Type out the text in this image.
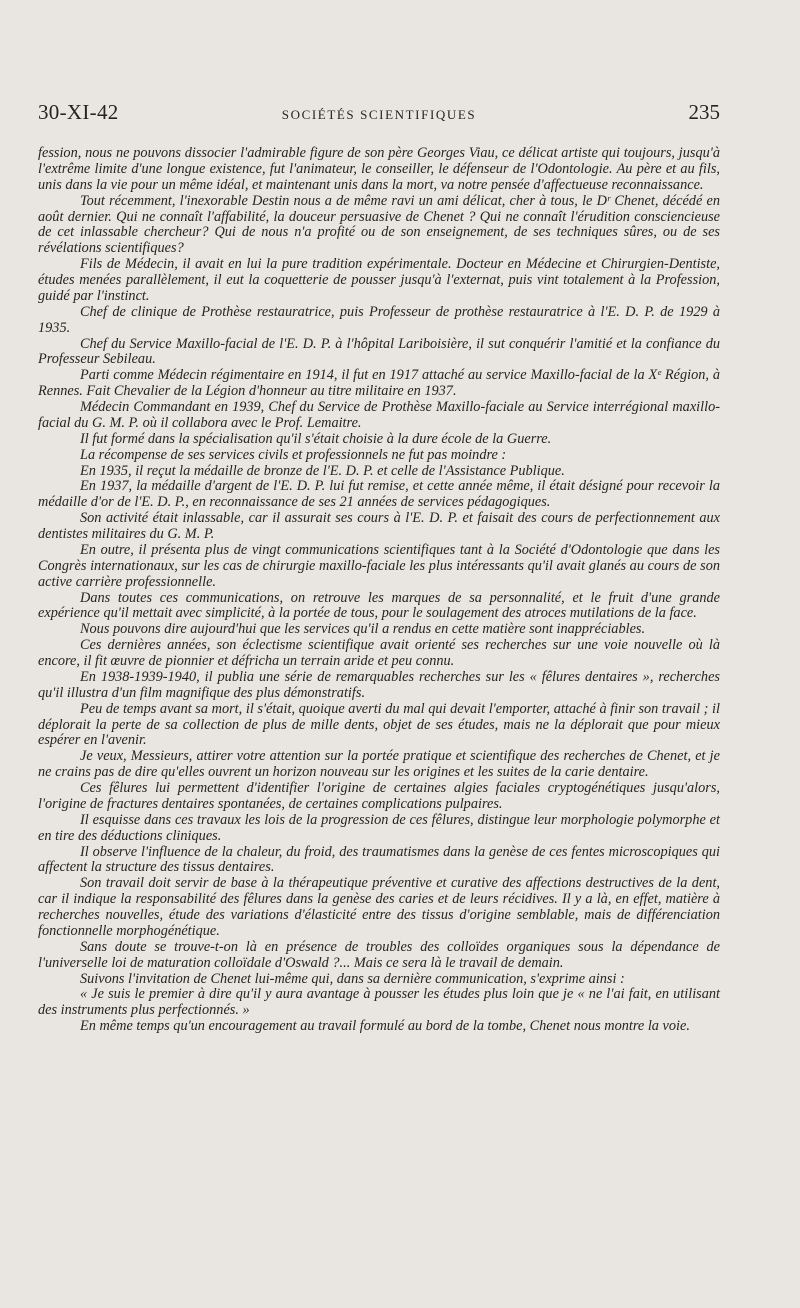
30-XI-42	SOCIÉTÉS SCIENTIFIQUES	235

fession, nous ne pouvons dissocier l'admirable figure de son père Georges Viau, ce délicat artiste qui toujours, jusqu'à l'extrême limite d'une longue existence, fut l'animateur, le conseiller, le défenseur de l'Odontologie. Au père et au fils, unis dans la vie pour un même idéal, et maintenant unis dans la mort, va notre pensée d'affectueuse reconnaissance.

Tout récemment, l'inexorable Destin nous a de même ravi un ami délicat, cher à tous, le Dʳ Chenet, décédé en août dernier. Qui ne connaît l'affabilité, la douceur persuasive de Chenet ? Qui ne connaît l'érudition consciencieuse de cet inlassable chercheur? Qui de nous n'a profité ou de son enseignement, de ses techniques sûres, ou de ses révélations scientifiques?

Fils de Médecin, il avait en lui la pure tradition expérimentale. Docteur en Médecine et Chirurgien-Dentiste, études menées parallèlement, il eut la coquetterie de pousser jusqu'à l'externat, puis vint totalement à la Profession, guidé par l'instinct.

Chef de clinique de Prothèse restauratrice, puis Professeur de prothèse restauratrice à l'E. D. P. de 1929 à 1935.

Chef du Service Maxillo-facial de l'E. D. P. à l'hôpital Lariboisière, il sut conquérir l'amitié et la confiance du Professeur Sebileau.

Parti comme Médecin régimentaire en 1914, il fut en 1917 attaché au service Maxillo-facial de la Xᵉ Région, à Rennes. Fait Chevalier de la Légion d'honneur au titre militaire en 1937.

Médecin Commandant en 1939, Chef du Service de Prothèse Maxillo-faciale au Service interrégional maxillo-facial du G. M. P. où il collabora avec le Prof. Lemaitre.

Il fut formé dans la spécialisation qu'il s'était choisie à la dure école de la Guerre.

La récompense de ses services civils et professionnels ne fut pas moindre :

En 1935, il reçut la médaille de bronze de l'E. D. P. et celle de l'Assistance Publique.

En 1937, la médaille d'argent de l'E. D. P. lui fut remise, et cette année même, il était désigné pour recevoir la médaille d'or de l'E. D. P., en reconnaissance de ses 21 années de services pédagogiques.

Son activité était inlassable, car il assurait ses cours à l'E. D. P. et faisait des cours de perfectionnement aux dentistes militaires du G. M. P.

En outre, il présenta plus de vingt communications scientifiques tant à la Société d'Odontologie que dans les Congrès internationaux, sur les cas de chirurgie maxillo-faciale les plus intéressants qu'il avait glanés au cours de son active carrière professionnelle.

Dans toutes ces communications, on retrouve les marques de sa personnalité, et le fruit d'une grande expérience qu'il mettait avec simplicité, à la portée de tous, pour le soulagement des atroces mutilations de la face.

Nous pouvons dire aujourd'hui que les services qu'il a rendus en cette matière sont inappréciables.

Ces dernières années, son éclectisme scientifique avait orienté ses recherches sur une voie nouvelle où là encore, il fit œuvre de pionnier et défricha un terrain aride et peu connu.

En 1938-1939-1940, il publia une série de remarquables recherches sur les « fêlures dentaires », recherches qu'il illustra d'un film magnifique des plus démonstratifs.

Peu de temps avant sa mort, il s'était, quoique averti du mal qui devait l'emporter, attaché à finir son travail ; il déplorait la perte de sa collection de plus de mille dents, objet de ses études, mais ne la déplorait que pour mieux espérer en l'avenir.

Je veux, Messieurs, attirer votre attention sur la portée pratique et scientifique des recherches de Chenet, et je ne crains pas de dire qu'elles ouvrent un horizon nouveau sur les origines et les suites de la carie dentaire.

Ces fêlures lui permettent d'identifier l'origine de certaines algies faciales cryptogénétiques jusqu'alors, l'origine de fractures dentaires spontanées, de certaines complications pulpaires.

Il esquisse dans ces travaux les lois de la progression de ces fêlures, distingue leur morphologie polymorphe et en tire des déductions cliniques.

Il observe l'influence de la chaleur, du froid, des traumatismes dans la genèse de ces fentes microscopiques qui affectent la structure des tissus dentaires.

Son travail doit servir de base à la thérapeutique préventive et curative des affections destructives de la dent, car il indique la responsabilité des fêlures dans la genèse des caries et de leurs récidives. Il y a là, en effet, matière à recherches nouvelles, étude des variations d'élasticité entre des tissus d'origine semblable, mais de différenciation fonctionnelle morphogénétique.

Sans doute se trouve-t-on là en présence de troubles des colloïdes organiques sous la dépendance de l'universelle loi de maturation colloïdale d'Oswald ?... Mais ce sera là le travail de demain.

Suivons l'invitation de Chenet lui-même qui, dans sa dernière communication, s'exprime ainsi :

« Je suis le premier à dire qu'il y aura avantage à pousser les études plus loin que je « ne l'ai fait, en utilisant des instruments plus perfectionnés. »

En même temps qu'un encouragement au travail formulé au bord de la tombe, Chenet nous montre la voie.
